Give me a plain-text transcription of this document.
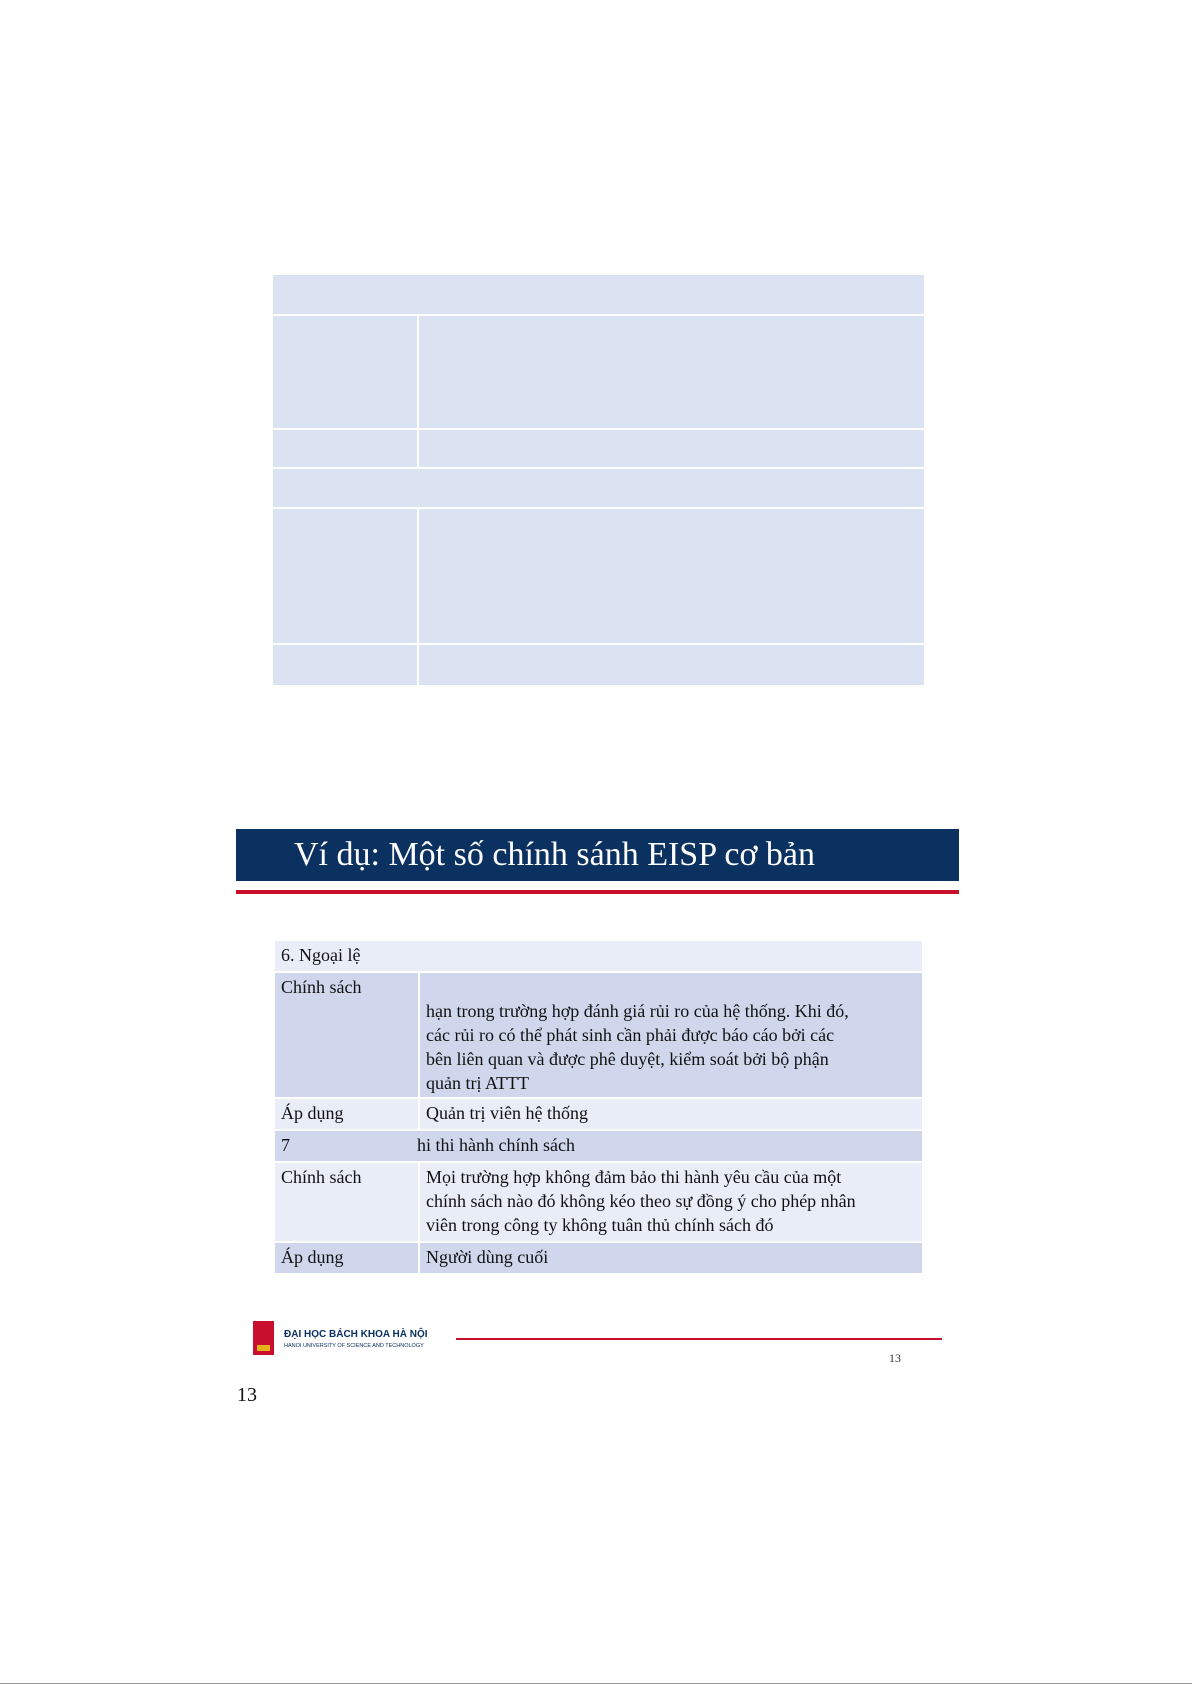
Ví dụ: Một số chính sánh EISP cơ bản
6. Ngoại lệ	
Chính sách	hạn trong trường hợp đánh giá rủi ro của hệ thống. Khi đó,
các rủi ro có thể phát sinh cần phải được báo cáo bởi các
bên liên quan và được phê duyệt, kiểm soát bởi bộ phận
quản trị ATTT

Áp dụng	Quản trị viên hệ thống

7 hi thi hành chính sách	
Chính sách	Mọi trường hợp không đảm bảo thi hành yêu cầu của một
chính sách nào đó không kéo theo sự đồng ý cho phép nhân
viên trong công ty không tuân thủ chính sách đó

Áp dụng	Người dùng cuối
ĐẠI HỌC BÁCH KHOA HÀ NỘI
HANOI UNIVERSITY OF SCIENCE AND TECHNOLOGY
13
13
